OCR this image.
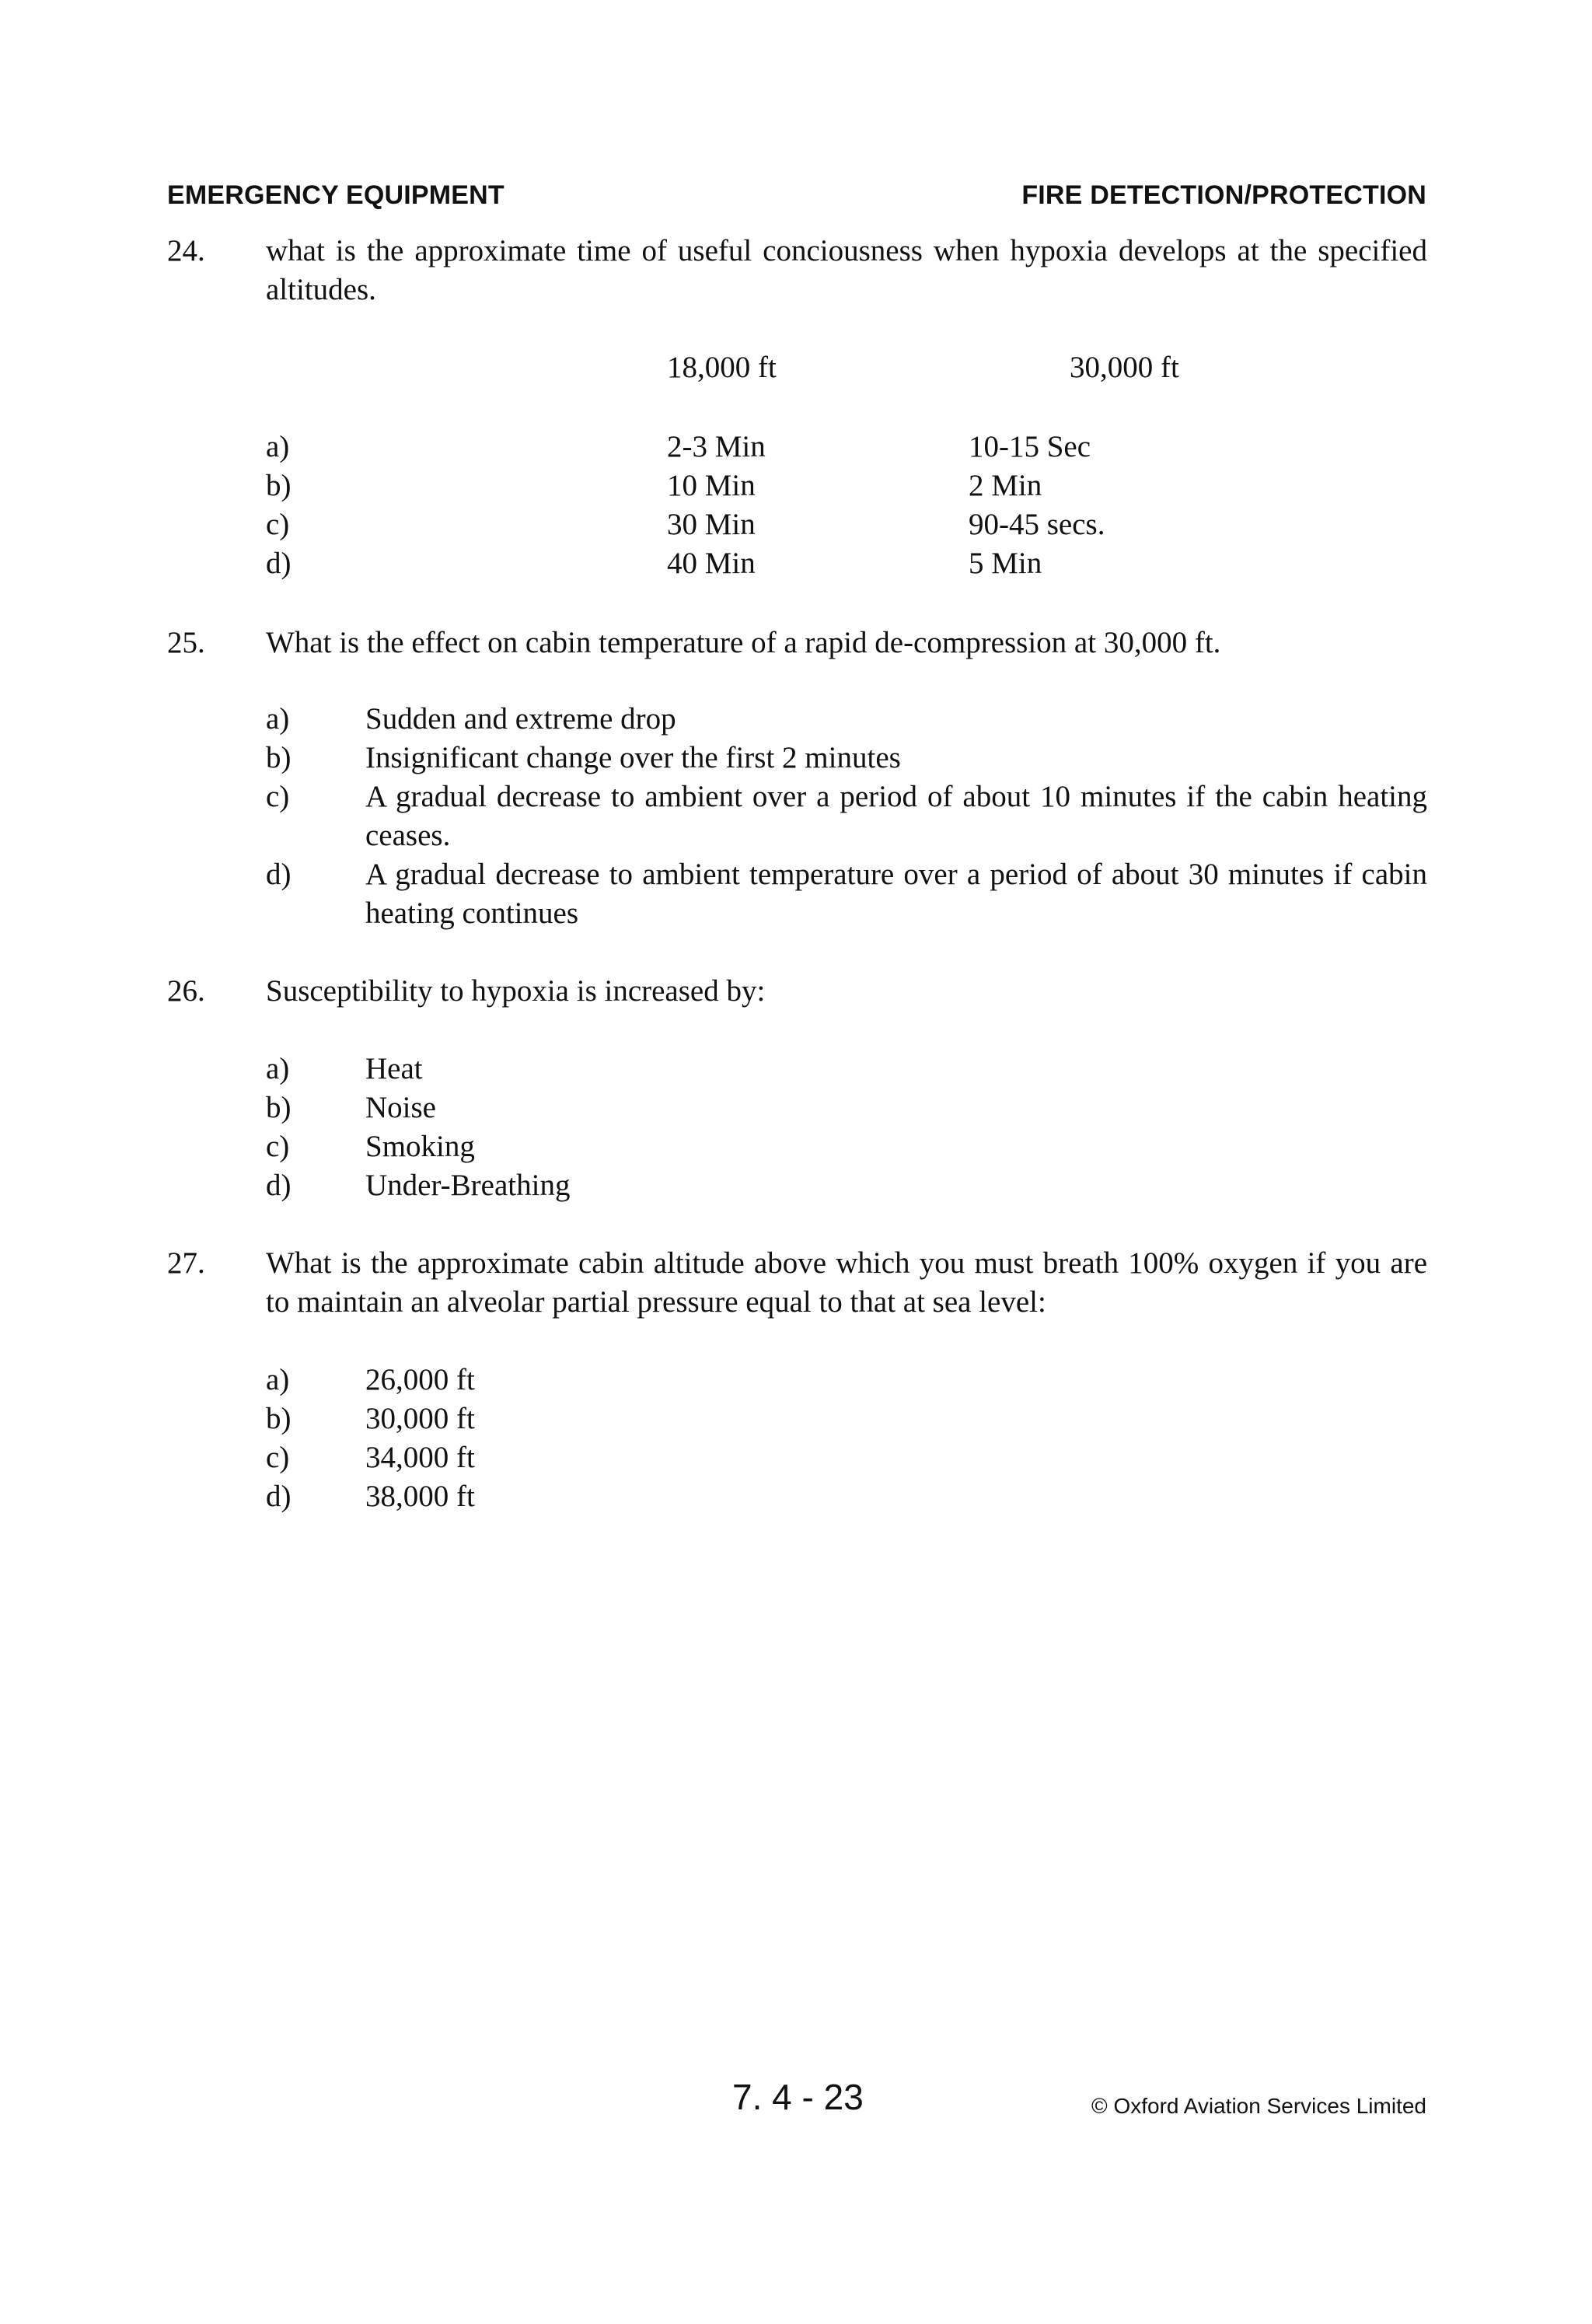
EMERGENCY EQUIPMENT	FIRE DETECTION/PROTECTION
24. what is the approximate time of useful conciousness when hypoxia develops at the specified altitudes.
18,000 ft	30,000 ft
a)	2-3 Min	10-15 Sec
b)	10 Min	2 Min
c)	30 Min	90-45 secs.
d)	40 Min	5 Min
25. What is the effect on cabin temperature of a rapid de-compression at 30,000 ft.
a)	Sudden and extreme drop
b) Insignificant change over the first 2 minutes
c)	A gradual decrease to ambient over a period of about 10 minutes if the cabin heating ceases.
d) A gradual decrease to ambient temperature over a period of about 30 minutes if cabin heating continues
26. Susceptibility to hypoxia is increased by:
a)	Heat
b) Noise
c)	Smoking
d) Under-Breathing
27. What is the approximate cabin altitude above which you must breath 100% oxygen if you are to maintain an alveolar partial pressure equal to that at sea level:
a)	26,000 ft
b) 30,000 ft
c)	34,000 ft
d) 38,000 ft
7. 4 - 23	© Oxford Aviation Services Limited
